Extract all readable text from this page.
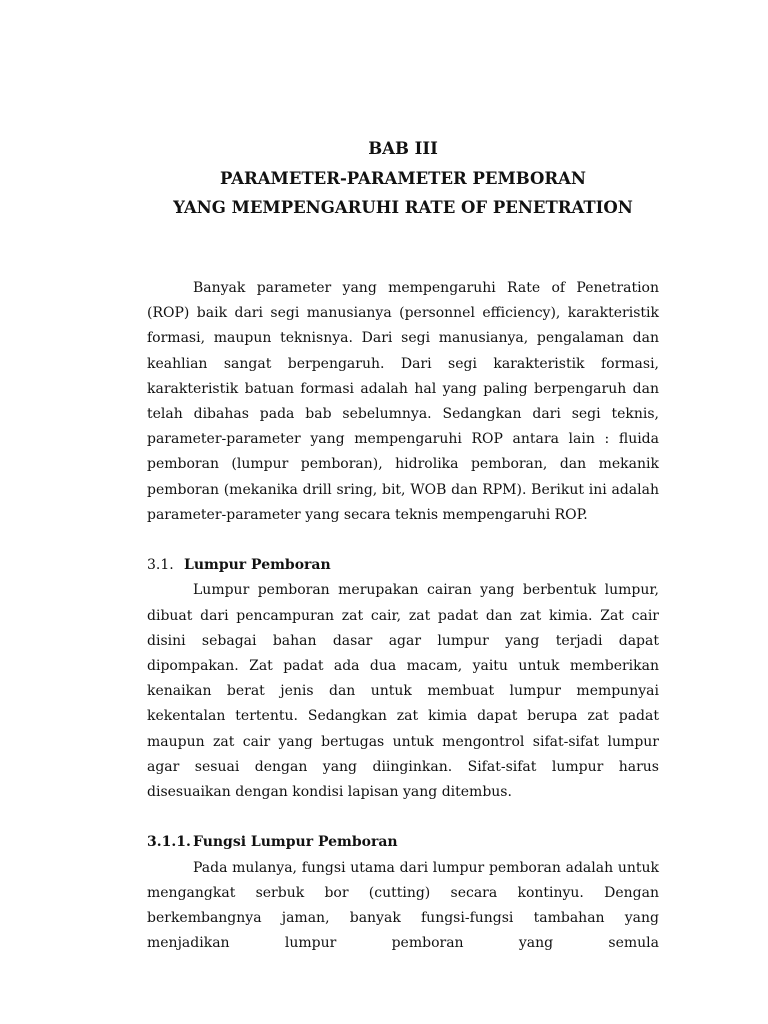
BAB III

PARAMETER-PARAMETER PEMBORAN

YANG MEMPENGARUHI RATE OF PENETRATION

Banyak parameter yang mempengaruhi Rate of Penetration (ROP) baik dari segi manusianya (personnel efficiency), karakteristik formasi, maupun teknisnya. Dari segi manusianya, pengalaman dan keahlian sangat berpengaruh. Dari segi karakteristik formasi, karakteristik batuan formasi adalah hal yang paling berpengaruh dan telah dibahas pada bab sebelumnya. Sedangkan dari segi teknis, parameter-parameter yang mempengaruhi ROP antara lain : fluida pemboran (lumpur pemboran), hidrolika pemboran, dan mekanik pemboran (mekanika drill sring, bit, WOB dan RPM). Berikut ini adalah parameter-parameter yang secara teknis mempengaruhi ROP.

3.1. Lumpur Pemboran

Lumpur pemboran merupakan cairan yang berbentuk lumpur, dibuat dari pencampuran zat cair, zat padat dan zat kimia. Zat cair disini sebagai bahan dasar agar lumpur yang terjadi dapat dipompakan. Zat padat ada dua macam, yaitu untuk memberikan kenaikan berat jenis dan untuk membuat lumpur mempunyai kekentalan tertentu. Sedangkan zat kimia dapat berupa zat padat maupun zat cair yang bertugas untuk mengontrol sifat-sifat lumpur agar sesuai dengan yang diinginkan. Sifat-sifat lumpur harus disesuaikan dengan kondisi lapisan yang ditembus.

3.1.1. Fungsi Lumpur Pemboran

Pada mulanya, fungsi utama dari lumpur pemboran adalah untuk mengangkat serbuk bor (cutting) secara kontinyu. Dengan berkembangnya jaman, banyak fungsi-fungsi tambahan yang menjadikan lumpur pemboran yang semula
